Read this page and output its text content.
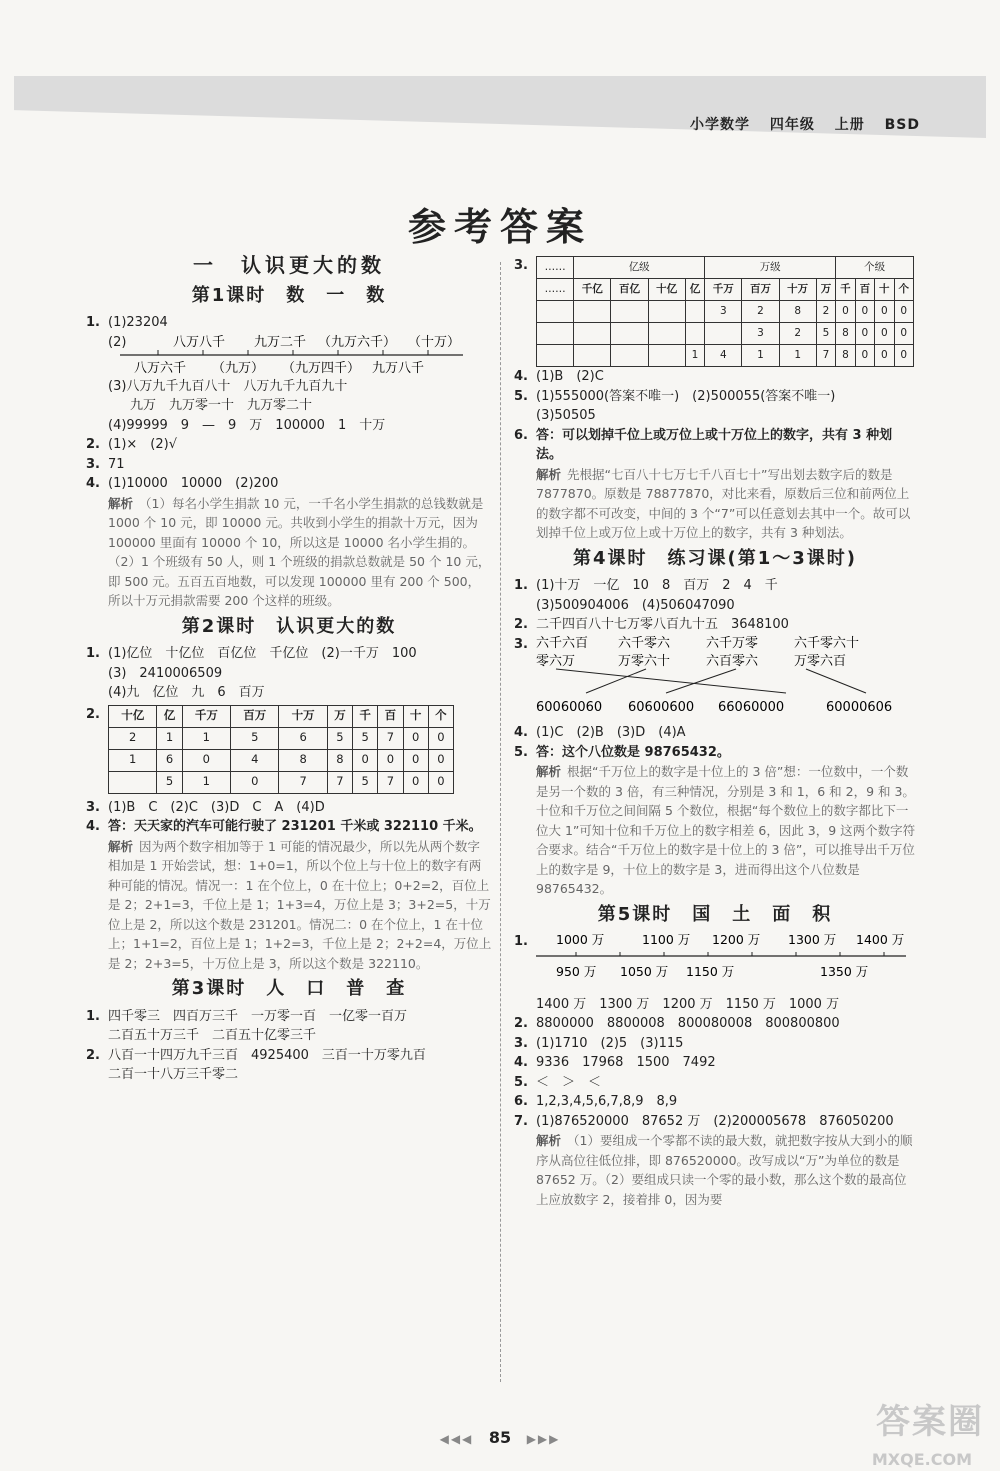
小学数学 四年级 上册 BSD
参考答案
一　认识更大的数
第1课时　数　一　数
1. (1)23204
(2)	八万八千 九万二千 （九万六千） （十万）
八万六千 （九万） （九万四千） 九万八千
(3)八万九千九百八十　八万九千九百九十
九万　九万零一十　九万零二十
(4)99999　9　—　9　万　100000　1　十万
2. (1)×　(2)√
3. 71
4. (1)10000　10000　(2)200
解析 （1）每名小学生捐款 10 元，一千名小学生捐款的总钱数就是 1000 个 10 元，即 10000 元。共收到小学生的捐款十万元，因为 100000 里面有 10000 个 10，所以这是 10000 名小学生捐的。（2）1 个班级有 50 人，则 1 个班级的捐款总数就是 50 个 10 元，即 500 元。五百五百地数，可以发现 100000 里有 200 个 500，所以十万元捐款需要 200 个这样的班级。
第2课时　认识更大的数
1. (1)亿位　十亿位　百亿位　千亿位　(2)一千万　100
(3)　2410006509
(4)九　亿位　九　6　百万
2. 十亿	亿	千万	百万	十万	万	千	百	十	个
2	1	1	5	6	5	5	7	0	0
1	6	0	4	8	8	0	0	0	0
	5	1	0	7	7	5	7	0	0
3. (1)B　C　(2)C　(3)D　C　A　(4)D
4. 答：天天家的汽车可能行驶了 231201 千米或 322110 千米。
解析 因为两个数字相加等于 1 可能的情况最少，所以先从两个数字相加是 1 开始尝试，想：1+0=1，所以个位上与十位上的数字有两种可能的情况。情况一：1 在个位上，0 在十位上；0+2=2，百位上是 2；2+1=3，千位上是 1；1+3=4，万位上是 3；3+2=5，十万位上是 2，所以这个数是 231201。情况二：0 在个位上，1 在十位上；1+1=2，百位上是 1；1+2=3，千位上是 2；2+2=4，万位上是 2；2+3=5，十万位上是 3，所以这个数是 322110。
第3课时　人　口　普　查
1. 四千零三　四百万三千　一万零一百　一亿零一百万
二百五十万三千　二百五十亿零三千
2. 八百一十四万九千三百　4925400　三百一十万零九百
二百一十八万三千零二
3. ……	亿级				万级				个级			
……	千亿	百亿	十亿	亿	千万	百万	十万	万	千	百	十	个
					3	2	8	2	0	0	0	0
						3	2	5	8	0	0	0
				1	4	1	1	7	8	0	0	0
4. (1)B　(2)C
5. (1)555000(答案不唯一)　(2)500055(答案不唯一)
(3)50505
6. 答：可以划掉千位上或万位上或十万位上的数字，共有 3 种划法。
解析 先根据“七百八十七万七千八百七十”写出划去数字后的数是 7877870。原数是 78877870，对比来看，原数后三位和前两位上的数字都不可改变，中间的 3 个“7”可以任意划去其中一个。故可以划掉千位上或万位上或十万位上的数字，共有 3 种划法。
第4课时　练习课(第1～3课时)
1. (1)十万　一亿　10　8　百万　2　4　千
(3)500904006　(4)506047090
2. 二千四百八十七万零八百九十五　3648100
3. 六千六百 六千零六	六千万零	六千零六十
零六万	万零六十	六百零六	万零六百
60060060 60600600 66060000	60000606
4. (1)C　(2)B　(3)D　(4)A
5. 答：这个八位数是 98765432。
解析 根据“千万位上的数字是十位上的 3 倍”想：一位数中，一个数是另一个数的 3 倍，有三种情况，分别是 3 和 1，6 和 2，9 和 3。十位和千万位之间间隔 5 个数位，根据“每个数位上的数字都比下一位大 1”可知十位和千万位上的数字相差 6，因此 3，9 这两个数字符合要求。结合“千万位上的数字是十位上的 3 倍”，可以推导出千万位上的数字是 9，十位上的数字是 3，进而得出这个八位数是 98765432。
第5课时　国　土　面　积
1. 1000 万	1100 万 1200 万 1300 万 1400 万
950 万 1050 万 1150 万	1350 万
1400 万　1300 万　1200 万　1150 万　1000 万
2. 8800000　8800008　800080008　800800800
3. (1)1710　(2)5　(3)115
4. 9336　17968　1500　7492
5. ＜　＞　＜
6. 1,2,3,4,5,6,7,8,9　8,9
7. (1)876520000　87652 万　(2)200005678　876050200
解析 （1）要组成一个零都不读的最大数，就把数字按从大到小的顺序从高位往低位排，即 876520000。改写成以“万”为单位的数是 87652 万。（2）要组成只读一个零的最小数，那么这个数的最高位上应放数字 2，接着排 0，因为要
◀◀◀ 85 ▶▶▶	答案圈
MXQE.COM
